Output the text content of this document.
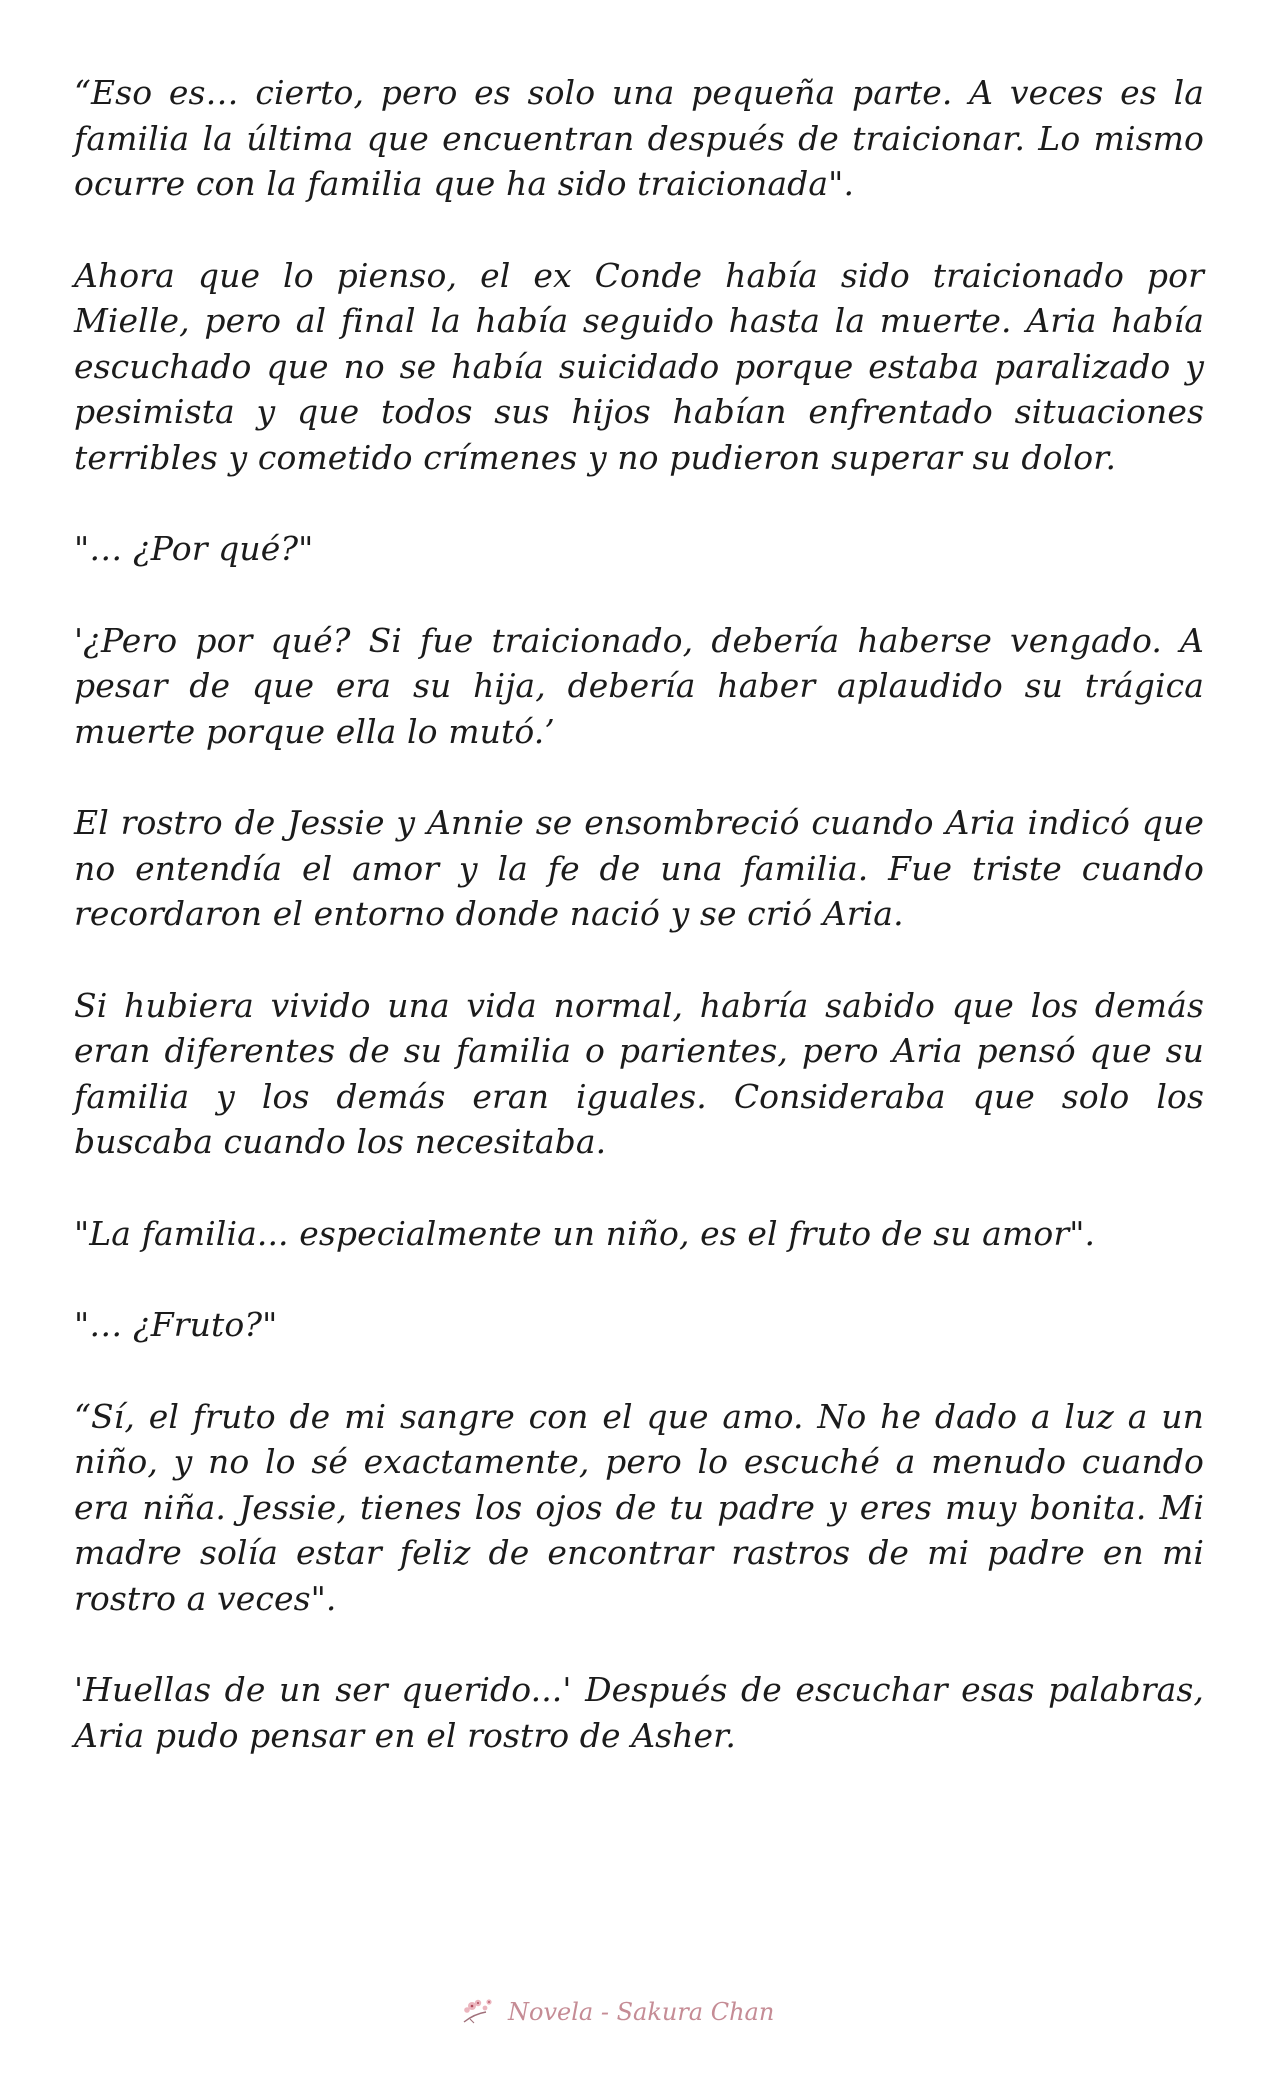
“Eso es… cierto, pero es solo una pequeña parte. A veces es la familia la última que encuentran después de traicionar. Lo mismo ocurre con la familia que ha sido traicionada".

Ahora que lo pienso, el ex Conde había sido traicionado por Mielle, pero al final la había seguido hasta la muerte. Aria había escuchado que no se había suicidado porque estaba paralizado y pesimista y que todos sus hijos habían enfrentado situaciones terribles y cometido crímenes y no pudieron superar su dolor.

"… ¿Por qué?"

'¿Pero por qué? Si fue traicionado, debería haberse vengado. A pesar de que era su hija, debería haber aplaudido su trágica muerte porque ella lo mutó.’

El rostro de Jessie y Annie se ensombreció cuando Aria indicó que no entendía el amor y la fe de una familia. Fue triste cuando recordaron el entorno donde nació y se crió Aria.

Si hubiera vivido una vida normal, habría sabido que los demás eran diferentes de su familia o parientes, pero Aria pensó que su familia y los demás eran iguales. Consideraba que solo los buscaba cuando los necesitaba.

"La familia... especialmente un niño, es el fruto de su amor".

"… ¿Fruto?"

“Sí, el fruto de mi sangre con el que amo. No he dado a luz a un niño, y no lo sé exactamente, pero lo escuché a menudo cuando era niña. Jessie, tienes los ojos de tu padre y eres muy bonita. Mi madre solía estar feliz de encontrar rastros de mi padre en mi rostro a veces".

'Huellas de un ser querido...' Después de escuchar esas palabras, Aria pudo pensar en el rostro de Asher.

Novela - Sakura Chan
